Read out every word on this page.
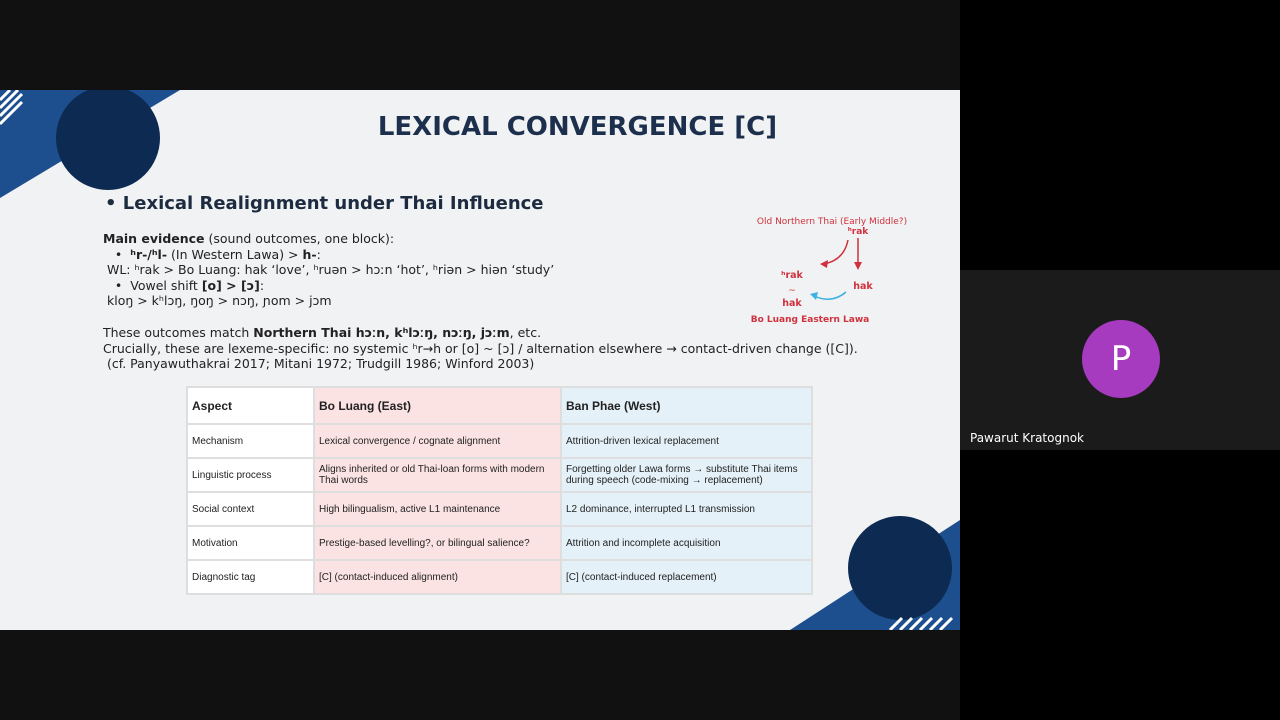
LEXICAL CONVERGENCE [C]
• Lexical Realignment under Thai Influence
Main evidence (sound outcomes, one block):
•  ʰr-/ʰl- (In Western Lawa) > h-:
WL: ʰrak > Bo Luang: hak ‘love’, ʰruən > hɔːn ‘hot’, ʰriən > hiən ‘study’
•  Vowel shift [o] > [ɔ]:
kloŋ > kʰlɔŋ, ŋoŋ > nɔŋ, ɲom > jɔm
These outcomes match Northern Thai hɔːn, kʰlɔːŋ, nɔːŋ, jɔːm, etc.
Crucially, these are lexeme-specific: no systemic ʰr→h or [o] ~ [ɔ] / alternation elsewhere → contact-driven change ([C]).
(cf. Panyawuthakrai 2017; Mitani 1972; Trudgill 1986; Winford 2003)
Old Northern Thai (Early Middle?)
ʰrak
ʰrak
~
hak
hak
Bo Luang Eastern Lawa
Aspect	Bo Luang (East)	Ban Phae (West)
Mechanism	Lexical convergence / cognate alignment	Attrition-driven lexical replacement
Linguistic process	Aligns inherited or old Thai-loan forms with modern Thai words	Forgetting older Lawa forms → substitute Thai items during speech (code-mixing → replacement)
Social context	High bilingualism, active L1 maintenance	L2 dominance, interrupted L1 transmission
Motivation	Prestige-based levelling?, or bilingual salience?	Attrition and incomplete acquisition
Diagnostic tag	[C] (contact-induced alignment)	[C] (contact-induced replacement)
P
Pawarut Kratognok
